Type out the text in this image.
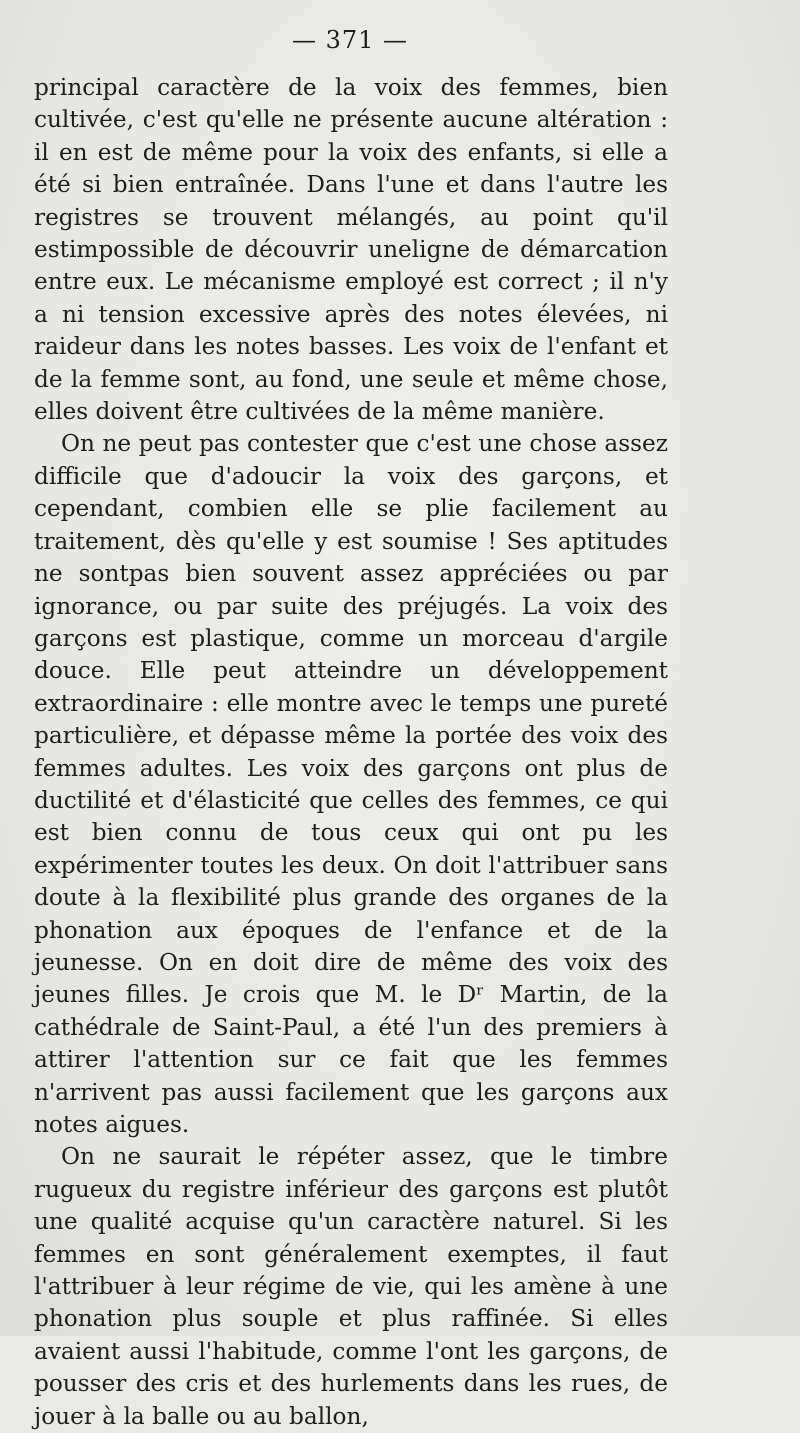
— 371 —

principal caractère de la voix des femmes, bien cultivée, c'est qu'elle ne présente aucune altération : il en est de même pour la voix des enfants, si elle a été si bien entraînée. Dans l'une et dans l'autre les registres se trouvent mélangés, au point qu'il estimpossible de découvrir uneligne de démarcation entre eux. Le mécanisme employé est correct ; il n'y a ni tension excessive après des notes élevées, ni raideur dans les notes basses. Les voix de l'enfant et de la femme sont, au fond, une seule et même chose, elles doivent être cultivées de la même manière.

On ne peut pas contester que c'est une chose assez difficile que d'adoucir la voix des garçons, et cependant, combien elle se plie facilement au traitement, dès qu'elle y est soumise ! Ses aptitudes ne sontpas bien souvent assez appréciées ou par ignorance, ou par suite des préjugés. La voix des garçons est plastique, comme un morceau d'argile douce. Elle peut atteindre un développement extraordinaire : elle montre avec le temps une pureté particulière, et dépasse même la portée des voix des femmes adultes. Les voix des garçons ont plus de ductilité et d'élasticité que celles des femmes, ce qui est bien connu de tous ceux qui ont pu les expérimenter toutes les deux. On doit l'attribuer sans doute à la flexibilité plus grande des organes de la phonation aux époques de l'enfance et de la jeunesse. On en doit dire de même des voix des jeunes filles. Je crois que M. le Dʳ Martin, de la cathédrale de Saint-Paul, a été l'un des premiers à attirer l'attention sur ce fait que les femmes n'arrivent pas aussi facilement que les garçons aux notes aigues.

On ne saurait le répéter assez, que le timbre rugueux du registre inférieur des garçons est plutôt une qualité acquise qu'un caractère naturel. Si les femmes en sont généralement exemptes, il faut l'attribuer à leur régime de vie, qui les amène à une phonation plus souple et plus raffinée. Si elles avaient aussi l'habitude, comme l'ont les garçons, de pousser des cris et des hurlements dans les rues, de jouer à la balle ou au ballon,
